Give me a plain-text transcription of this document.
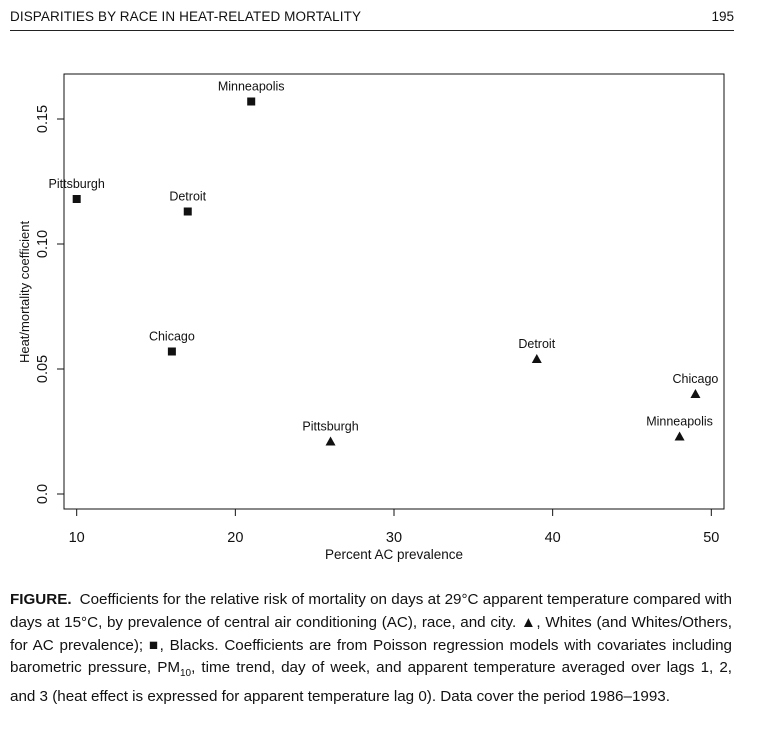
DISPARITIES BY RACE IN HEAT-RELATED MORTALITY	195
10	20	30	40	50
0.0
0.05
0.10
0.15
Minneapolis
Pittsburgh
Detroit
Chicago
Detroit
Chicago
Pittsburgh	Minneapolis
Percent AC prevalence
Heat/mortality coefficient
FIGURE. Coefficients for the relative risk of mortality on days at 29°C apparent temperature compared with days at 15°C, by prevalence of central air conditioning (AC), race, and city. ▲, Whites (and Whites/Others, for AC prevalence); ■, Blacks. Coefficients are from Poisson regression models with covariates including barometric pressure, $PM_{10}$, time trend, day of week, and apparent temperature averaged over lags 1, 2, and 3 (heat effect is expressed for apparent temperature lag 0). Data cover the period 1986–1993.
